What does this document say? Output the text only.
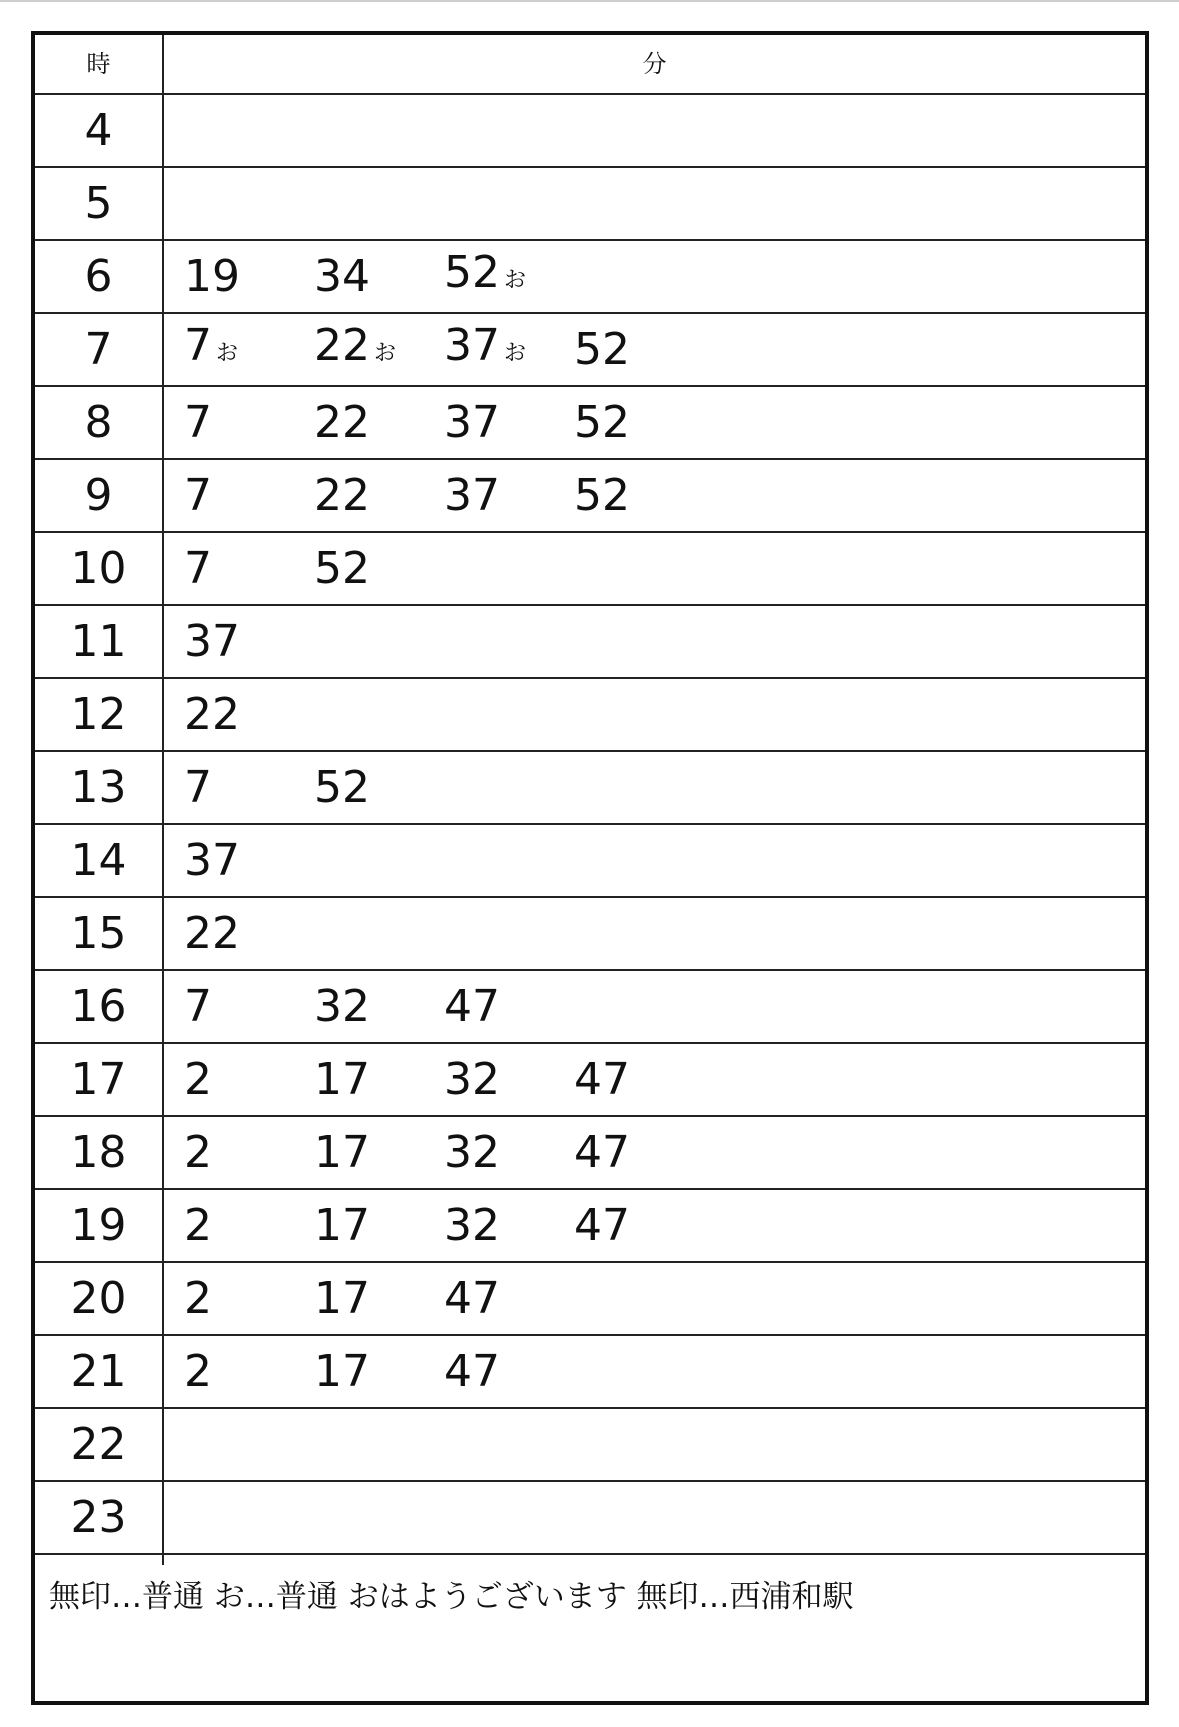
時	分
4
5
6	19	34	52 お
7	7 お	22 お	37 お	52
8	7	22	37	52
9	7	22	37	52
10	7	52
11	37
12	22
13	7	52
14	37
15	22
16	7	32	47
17	2	17	32	47
18	2	17	32	47
19	2	17	32	47
20	2	17	47
21	2	17	47
22
23
無印…普通 お…普通 おはようございます 無印…西浦和駅
